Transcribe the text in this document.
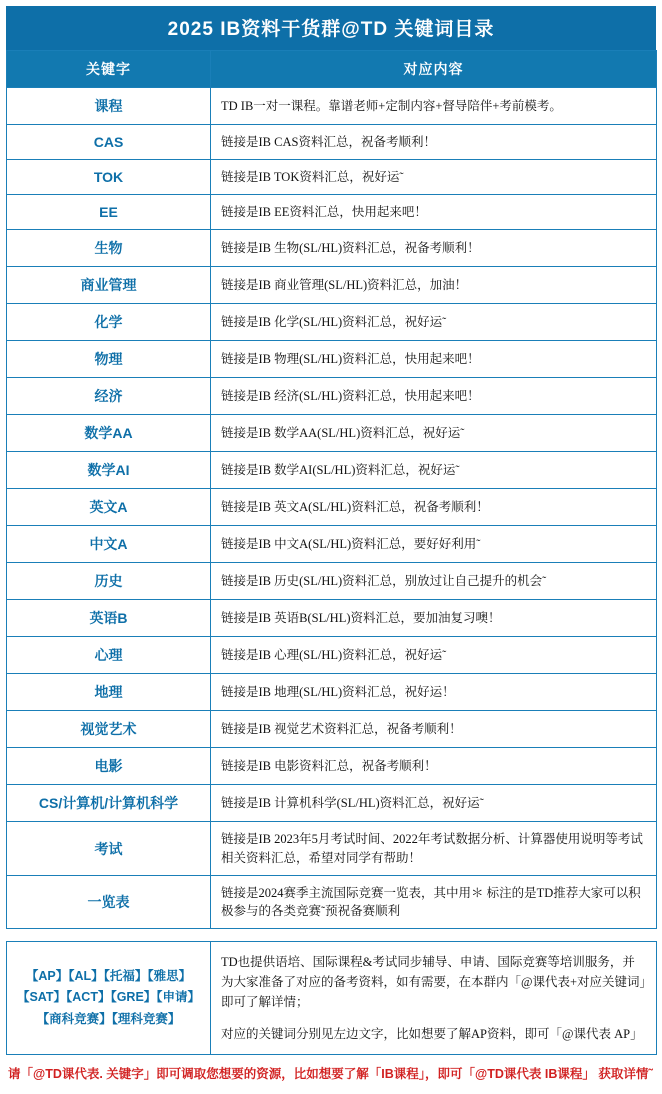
2025 IB资料干货群@TD 关键词目录
关键字	对应内容
课程	TD IB一对一课程。靠谱老师+定制内容+督导陪伴+考前模考。
CAS	链接是IB CAS资料汇总，祝备考顺利！
TOK	链接是IB TOK资料汇总，祝好运˜
EE	链接是IB EE资料汇总，快用起来吧！
生物	链接是IB 生物(SL/HL)资料汇总，祝备考顺利！
商业管理	链接是IB 商业管理(SL/HL)资料汇总，加油！
化学	链接是IB 化学(SL/HL)资料汇总，祝好运˜
物理	链接是IB 物理(SL/HL)资料汇总，快用起来吧！
经济	链接是IB 经济(SL/HL)资料汇总，快用起来吧！
数学AA	链接是IB 数学AA(SL/HL)资料汇总，祝好运˜
数学AI	链接是IB 数学AI(SL/HL)资料汇总，祝好运˜
英文A	链接是IB 英文A(SL/HL)资料汇总，祝备考顺利！
中文A	链接是IB 中文A(SL/HL)资料汇总，要好好利用˜
历史	链接是IB 历史(SL/HL)资料汇总，别放过让自己提升的机会˜
英语B	链接是IB 英语B(SL/HL)资料汇总，要加油复习噢！
心理	链接是IB 心理(SL/HL)资料汇总，祝好运˜
地理	链接是IB 地理(SL/HL)资料汇总，祝好运！
视觉艺术	链接是IB 视觉艺术资料汇总，祝备考顺利！
电影	链接是IB 电影资料汇总，祝备考顺利！
CS/计算机/计算机科学	链接是IB 计算机科学(SL/HL)资料汇总，祝好运˜
考试	链接是IB 2023年5月考试时间、2022年考试数据分析、计算器使用说明等考试相关资料汇总，希望对同学有帮助！
一览表	链接是2024赛季主流国际竞赛一览表，其中用＊ 标注的是TD推荐大家可以积极参与的各类竞赛˜预祝备赛顺利
【AP】【AL】【托福】【雅思】【SAT】【ACT】【GRE】【申请】【商科竞赛】【理科竞赛】	

TD也提供语培、国际课程&考试同步辅导、申请、国际竞赛等培训服务，并为大家准备了对应的备考资料，如有需要，在本群内「@课代表+对应关键词」即可了解详情；

对应的关键词分别见左边文字，比如想要了解AP资料，即可「@课代表 AP」

请「@TD课代表. 关键字」即可调取您想要的资源，比如想要了解「IB课程」，即可「@TD课代表 IB课程」 获取详情˜
